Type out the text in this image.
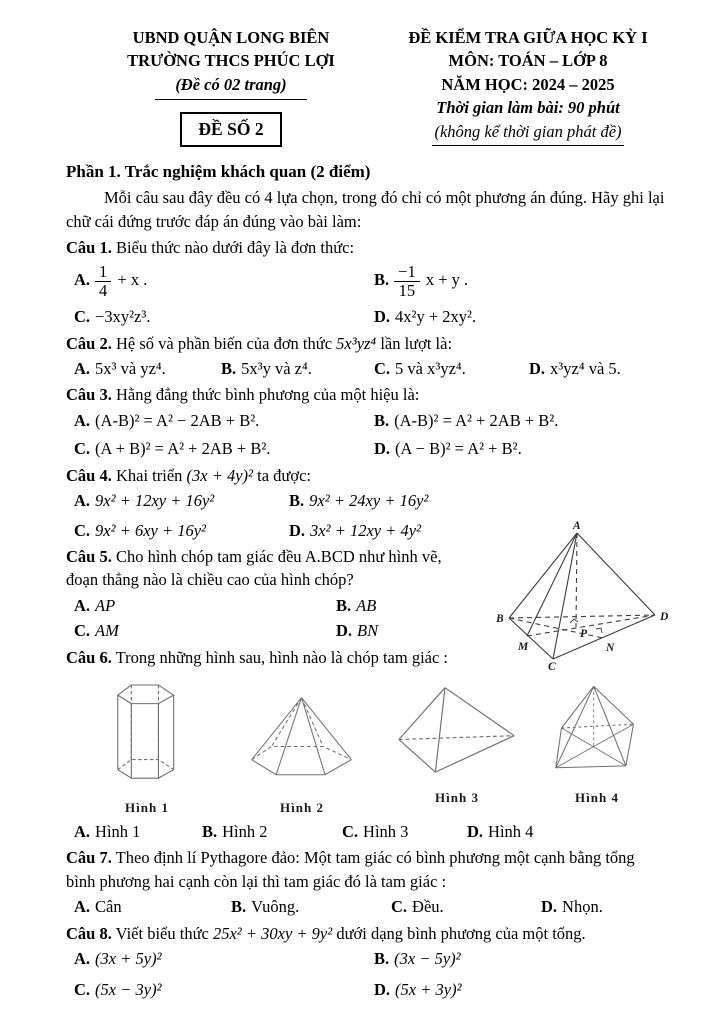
UBND QUẬN LONG BIÊN
TRƯỜNG THCS PHÚC LỢI
(Đề có 02 trang)
ĐỀ SỐ 2
ĐỀ KIỂM TRA GIỮA HỌC KỲ I
MÔN: TOÁN – LỚP 8
NĂM HỌC: 2024 – 2025
Thời gian làm bài: 90 phút
(không kể thời gian phát đề)
Phần 1. Trắc nghiệm khách quan (2 điểm)

Mỗi câu sau đây đều có 4 lựa chọn, trong đó chỉ có một phương án đúng. Hãy ghi lại chữ cái đứng trước đáp án đúng vào bài làm:

Câu 1. Biểu thức nào dưới đây là đơn thức:

A. $\frac{1}{4} + x$ .	B. $\frac{-1}{15}$ x + y .
C. −3xy²z³.	D. 4x²y + 2xy².

Câu 2. Hệ số và phần biến của đơn thức 5x³yz⁴ lần lượt là:

A. 5x³ và yz⁴.	B. 5x³y và z⁴.	C. 5 và x³yz⁴.	D. x³yz⁴ và 5.

Câu 3. Hằng đẳng thức bình phương của một hiệu là:

A. (A-B)² = A² − 2AB + B².	B. (A-B)² = A² + 2AB + B².
C. (A + B)² = A² + 2AB + B².	D. (A − B)² = A² + B².

Câu 4. Khai triển (3x + 4y)² ta được:

A. 9x² + 12xy + 16y²	B. 9x² + 24xy + 16y²
C. 9x² + 6xy + 16y²	D. 3x² + 12xy + 4y²

Câu 5. Cho hình chóp tam giác đều A.BCD như hình vẽ, đoạn thẳng nào là chiều cao của hình chóp?

A. AP	B. AB
C. AM	D. BN
A
B	D
C
M	N
P

Câu 6. Trong những hình sau, hình nào là chóp tam giác :

Hình 1	Hình 2
Hình 3	Hình 4
A. Hình 1	B. Hình 2	C. Hình 3	D. Hình 4

Câu 7. Theo định lí Pythagore đảo: Một tam giác có bình phương một cạnh bằng tổng bình phương hai cạnh còn lại thì tam giác đó là tam giác :

A. Cân	B. Vuông.	C. Đều.	D. Nhọn.

Câu 8. Viết biểu thức 25x² + 30xy + 9y² dưới dạng bình phương của một tổng.

A. (3x + 5y)²	B. (3x − 5y)²
C. (5x − 3y)²	D. (5x + 3y)²
